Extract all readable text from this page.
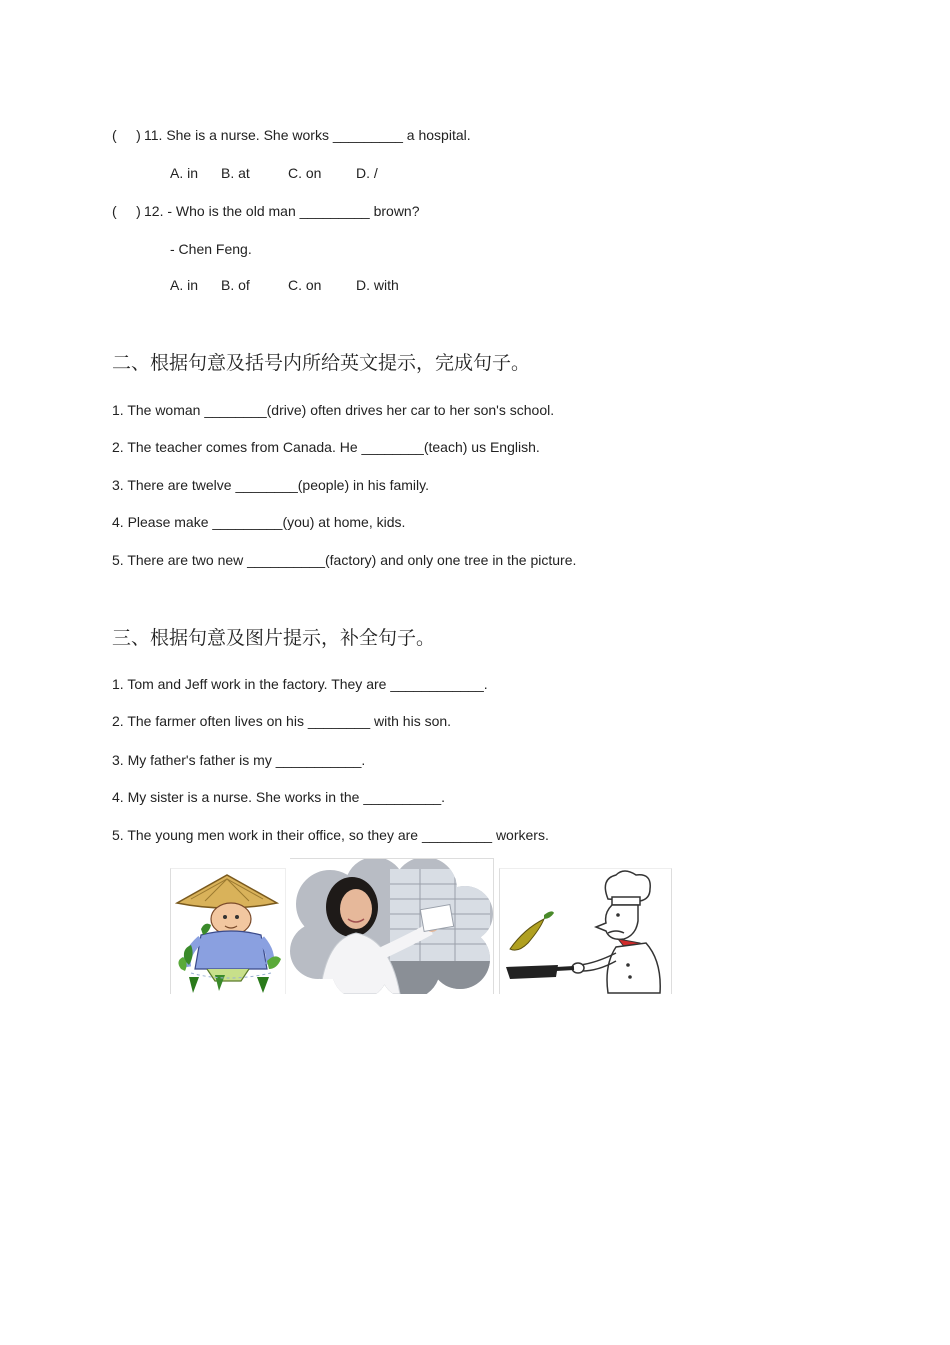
(     ) 11. She is a nurse. She works _________ a hospital.
A. in B. at	C. on D. /
(     ) 12. - Who is the old man _________ brown?
- Chen Feng.
A. in B. of	C. on D. with
二、根据句意及括号内所给英文提示，完成句子。
1. The woman ________(drive) often drives her car to her son's school.
2. The teacher comes from Canada. He ________(teach) us English.
3. There are twelve ________(people) in his family.
4. Please make _________(you) at home, kids.
5. There are two new __________(factory) and only one tree in the picture.
三、根据句意及图片提示，补全句子。
1. Tom and Jeff work in the factory. They are ____________.
2. The farmer often lives on his ________ with his son.
3. My father's father is my ___________.
4. My sister is a nurse. She works in the __________.
5. The young men work in their office, so they are _________ workers.
